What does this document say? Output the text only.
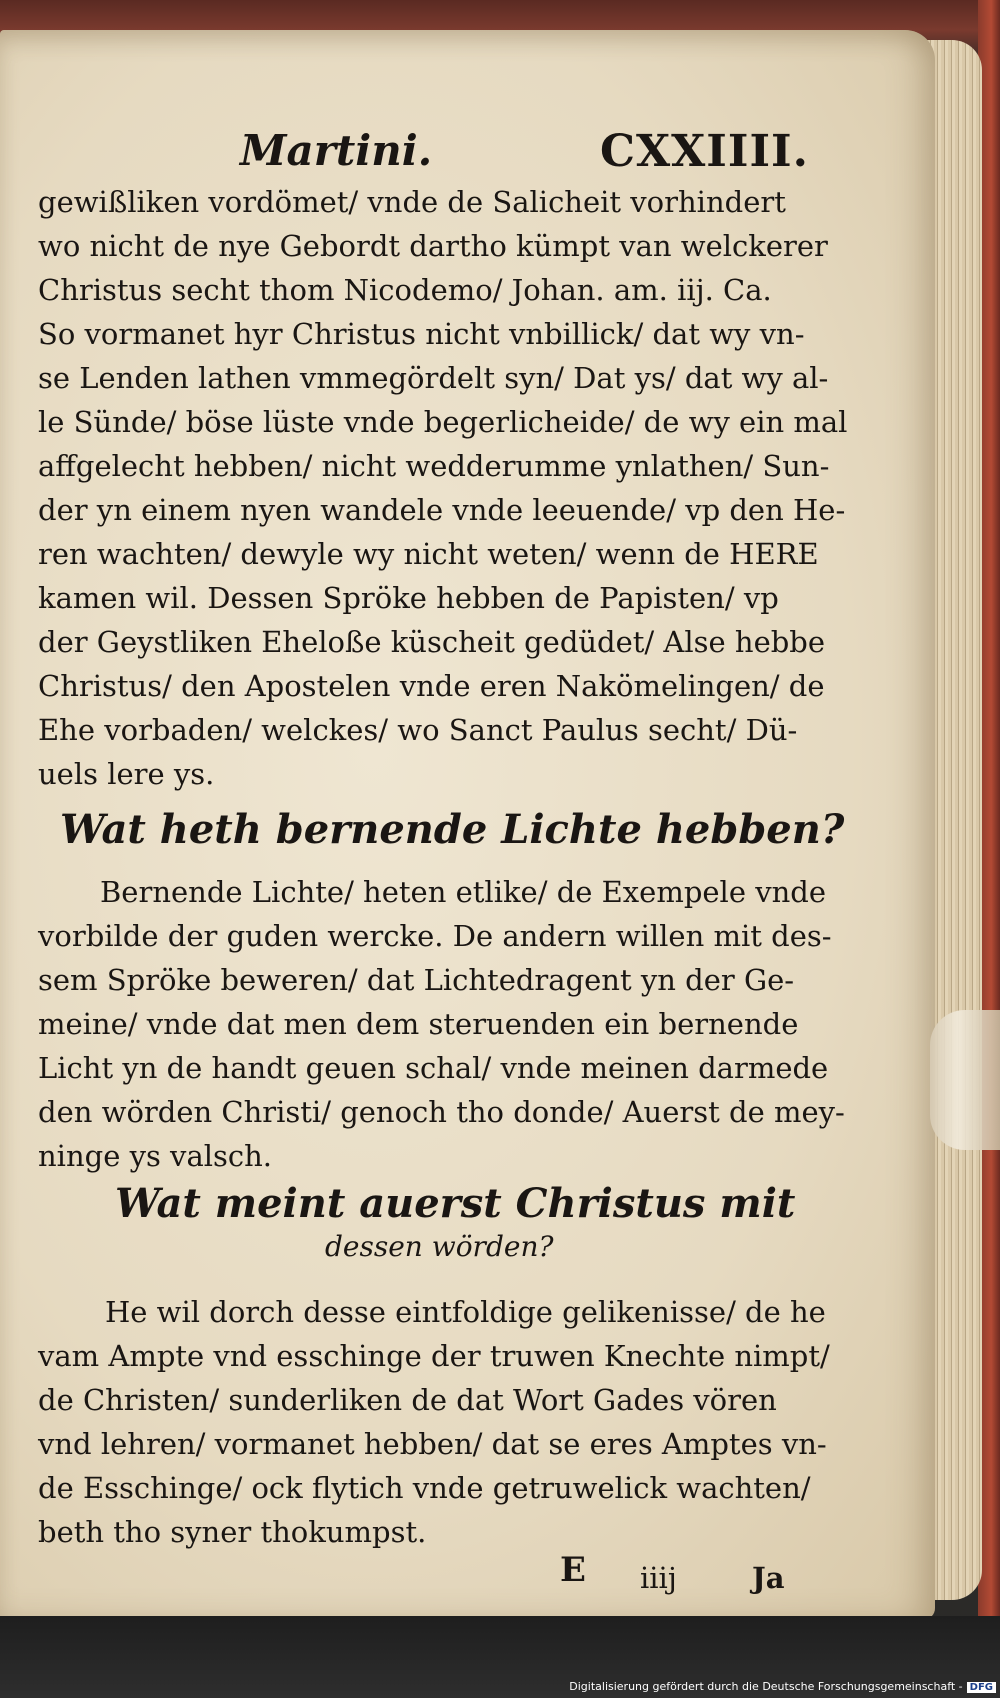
Martini.	CXXIIII.
gewißliken vordömet/ vnde de Salicheit vorhindert
wo nicht de nye Gebordt dartho kümpt van welckerer
Christus secht thom Nicodemo/ Johan. am. iij. Ca.
So vormanet hyr Christus nicht vnbillick/ dat wy vn-
se Lenden lathen vmmegördelt syn/ Dat ys/ dat wy al-
le Sünde/ böse lüste vnde begerlicheide/ de wy ein mal
affgelecht hebben/ nicht wedderumme ynlathen/ Sun-
der yn einem nyen wandele vnde leeuende/ vp den He-
ren wachten/ dewyle wy nicht weten/ wenn de HERE
kamen wil. Dessen Spröke hebben de Papisten/ vp
der Geystliken Eheloße küscheit gedüdet/ Alse hebbe
Christus/ den Apostelen vnde eren Nakömelingen/ de
Ehe vorbaden/ welckes/ wo Sanct Paulus secht/ Dü-
uels lere ys.
Wat heth bernende Lichte hebben?
Bernende Lichte/ heten etlike/ de Exempele vnde
vorbilde der guden wercke. De andern willen mit des-
sem Spröke beweren/ dat Lichtedragent yn der Ge-
meine/ vnde dat men dem steruenden ein bernende
Licht yn de handt geuen schal/ vnde meinen darmede
den wörden Christi/ genoch tho donde/ Auerst de mey-
ninge ys valsch.
Wat meint auerst Christus mit
dessen wörden?
He wil dorch desse eintfoldige gelikenisse/ de he
vam Ampte vnd esschinge der truwen Knechte nimpt/
de Christen/ sunderliken de dat Wort Gades vören
vnd lehren/ vormanet hebben/ dat se eres Amptes vn-
de Esschinge/ ock flytich vnde getruwelick wachten/
beth tho syner thokumpst.
E iiij	Ja
Digitalisierung gefördert durch die Deutsche Forschungsgemeinschaft - DFG
